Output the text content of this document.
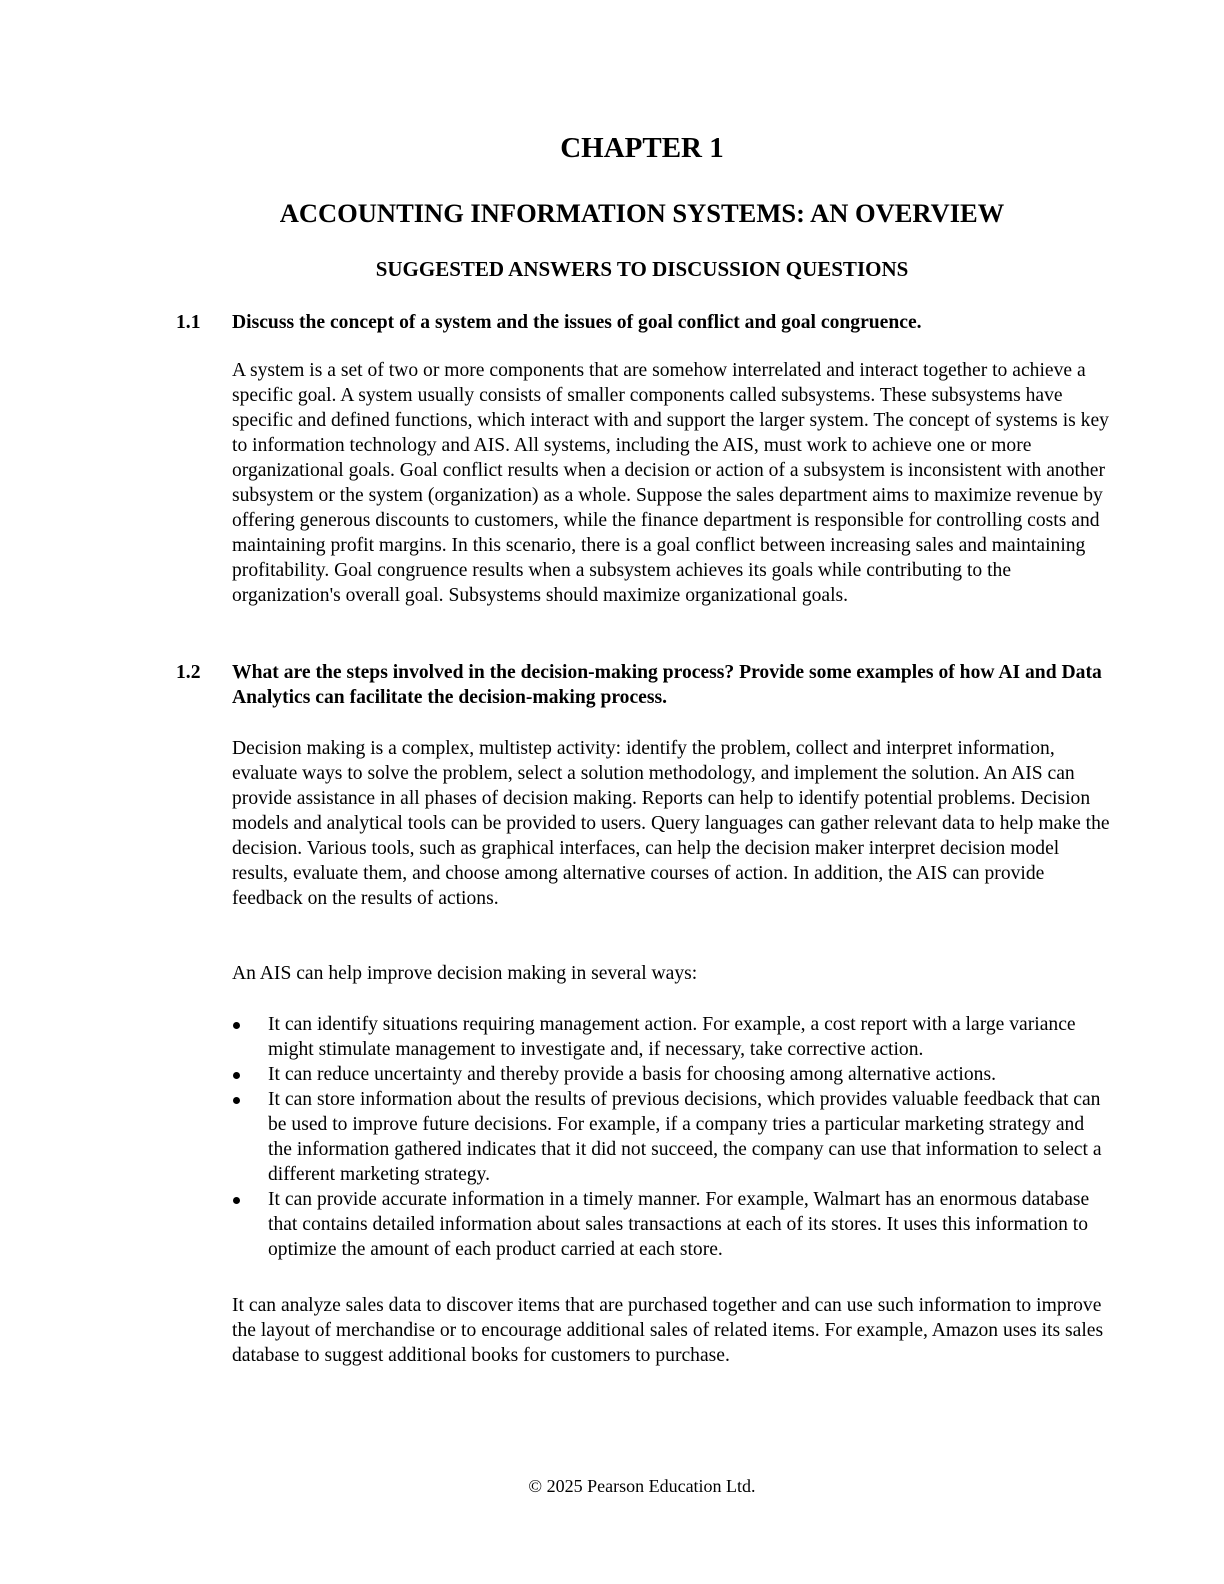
CHAPTER 1
ACCOUNTING INFORMATION SYSTEMS: AN OVERVIEW
SUGGESTED ANSWERS TO DISCUSSION QUESTIONS
1.1 Discuss the concept of a system and the issues of goal conflict and goal congruence.

A system is a set of two or more components that are somehow interrelated and interact together to achieve a specific goal. A system usually consists of smaller components called subsystems. These subsystems have specific and defined functions, which interact with and support the larger system. The concept of systems is key to information technology and AIS. All systems, including the AIS, must work to achieve one or more organizational goals. Goal conflict results when a decision or action of a subsystem is inconsistent with another subsystem or the system (organization) as a whole. Suppose the sales department aims to maximize revenue by offering generous discounts to customers, while the finance department is responsible for controlling costs and maintaining profit margins. In this scenario, there is a goal conflict between increasing sales and maintaining profitability. Goal congruence results when a subsystem achieves its goals while contributing to the organization's overall goal. Subsystems should maximize organizational goals.

1.2 What are the steps involved in the decision-making process? Provide some examples of how AI and Data Analytics can facilitate the decision-making process.

Decision making is a complex, multistep activity: identify the problem, collect and interpret information, evaluate ways to solve the problem, select a solution methodology, and implement the solution. An AIS can provide assistance in all phases of decision making. Reports can help to identify potential problems. Decision models and analytical tools can be provided to users. Query languages can gather relevant data to help make the decision. Various tools, such as graphical interfaces, can help the decision maker interpret decision model results, evaluate them, and choose among alternative courses of action. In addition, the AIS can provide feedback on the results of actions.

An AIS can help improve decision making in several ways:

It can identify situations requiring management action. For example, a cost report with a large variance might stimulate management to investigate and, if necessary, take corrective action.
It can reduce uncertainty and thereby provide a basis for choosing among alternative actions.
It can store information about the results of previous decisions, which provides valuable feedback that can be used to improve future decisions. For example, if a company tries a particular marketing strategy and the information gathered indicates that it did not succeed, the company can use that information to select a different marketing strategy.
It can provide accurate information in a timely manner. For example, Walmart has an enormous database that contains detailed information about sales transactions at each of its stores. It uses this information to optimize the amount of each product carried at each store.

It can analyze sales data to discover items that are purchased together and can use such information to improve the layout of merchandise or to encourage additional sales of related items. For example, Amazon uses its sales database to suggest additional books for customers to purchase.

© 2025 Pearson Education Ltd.
